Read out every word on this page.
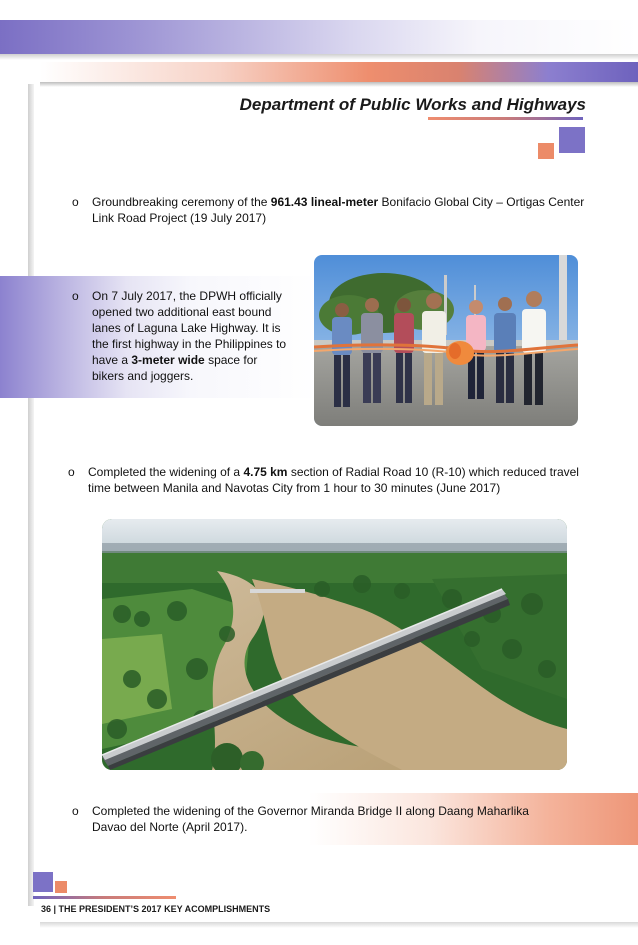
Department of Public Works and Highways
o Groundbreaking ceremony of the 961.43 lineal-meter Bonifacio Global City – Ortigas Center Link Road Project (19 July 2017)
o On 7 July 2017, the DPWH officially opened two additional east bound lanes of Laguna Lake Highway. It is the first highway in the Philippines to have a 3-meter wide space for bikers and joggers.
o Completed the widening of a 4.75 km section of Radial Road 10 (R-10) which reduced travel time between Manila and Navotas City from 1 hour to 30 minutes (June 2017)
o Completed the widening of the Governor Miranda Bridge II along Daang Maharlika Davao del Norte (April 2017).
36 | THE PRESIDENT’S 2017 KEY ACOMPLISHMENTS
